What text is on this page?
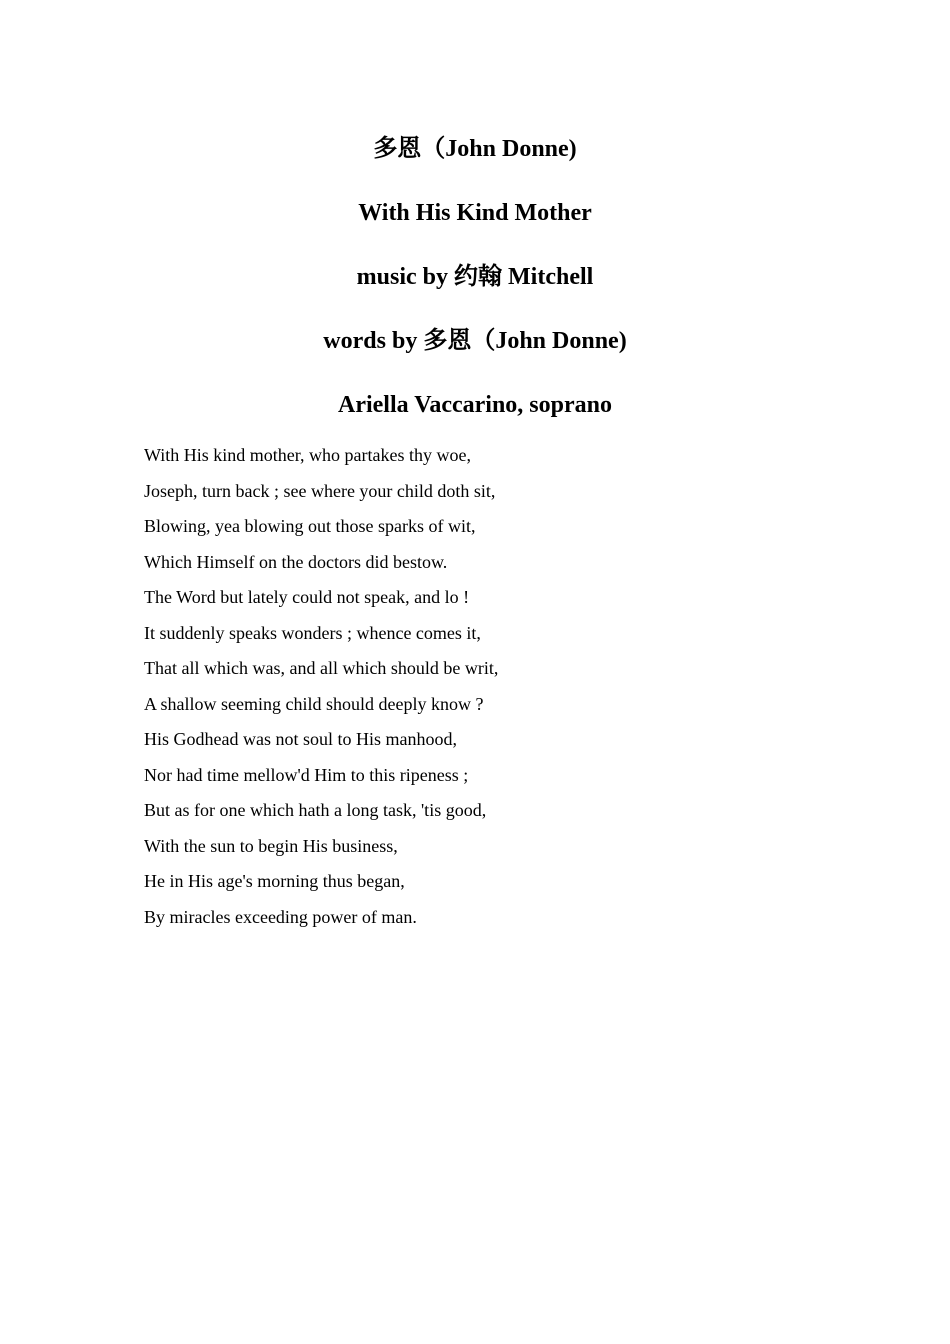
多恩（John Donne)
With His Kind Mother
music by 约翰 Mitchell
words by 多恩（John Donne)
Ariella Vaccarino, soprano
With His kind mother, who partakes thy woe,
Joseph, turn back ; see where your child doth sit,
Blowing, yea blowing out those sparks of wit,
Which Himself on the doctors did bestow.
The Word but lately could not speak, and lo !
It suddenly speaks wonders ; whence comes it,
That all which was, and all which should be writ,
A shallow seeming child should deeply know ?
His Godhead was not soul to His manhood,
Nor had time mellow'd Him to this ripeness ;
But as for one which hath a long task, 'tis good,
With the sun to begin His business,
He in His age's morning thus began,
By miracles exceeding power of man.
